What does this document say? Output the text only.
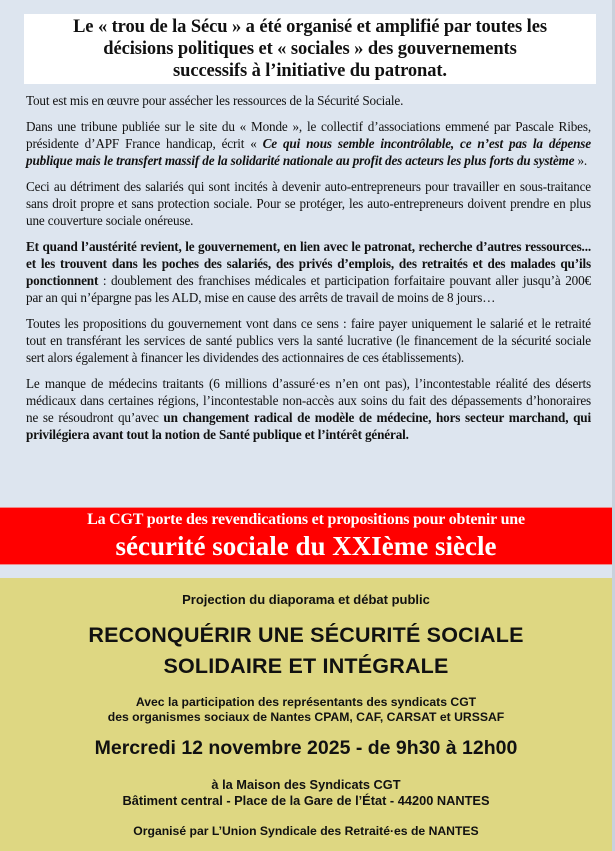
Le « trou de la Sécu » a été organisé et amplifié par toutes les
décisions politiques et « sociales » des gouvernements
successifs à l’initiative du patronat.

Tout est mis en œuvre pour assécher les ressources de la Sécurité Sociale.

Dans une tribune publiée sur le site du « Monde », le collectif d’associations emmené par Pascale Ribes, présidente d’APF France handicap, écrit « Ce qui nous semble incontrôlable, ce n’est pas la dépense publique mais le transfert massif de la solidarité nationale au profit des acteurs les plus forts du système ».

Ceci au détriment des salariés qui sont incités à devenir auto-entrepreneurs pour travailler en sous-traitance sans droit propre et sans protection sociale. Pour se protéger, les auto-entrepreneurs doivent prendre en plus une couverture sociale onéreuse.

Et quand l’austérité revient, le gouvernement, en lien avec le patronat, recherche d’autres ressources... et les trouvent dans les poches des salariés, des privés d’emplois, des retraités et des malades qu’ils ponctionnent : doublement des franchises médicales et participation forfaitaire pouvant aller jusqu’à 200€ par an qui n’épargne pas les ALD, mise en cause des arrêts de travail de moins de 8 jours…

Toutes les propositions du gouvernement vont dans ce sens : faire payer uniquement le salarié et le retraité tout en transférant les services de santé publics vers la santé lucrative (le financement de la sécurité sociale sert alors également à financer les dividendes des actionnaires de ces établissements).

Le manque de médecins traitants (6 millions d’assuré·es n’en ont pas), l’incontestable réalité des déserts médicaux dans certaines régions, l’incontestable non-accès aux soins du fait des dépassements d’honoraires ne se résoudront qu’avec un changement radical de modèle de médecine, hors secteur marchand, qui privilégiera avant tout la notion de Santé publique et l’intérêt général.

La CGT porte des revendications et propositions pour obtenir une
sécurité sociale du XXIème siècle
Projection du diaporama et débat public
RECONQUÉRIR UNE SÉCURITÉ SOCIALE
SOLIDAIRE ET INTÉGRALE
Avec la participation des représentants des syndicats CGT
des organismes sociaux de Nantes CPAM, CAF, CARSAT et URSSAF
Mercredi 12 novembre 2025 - de 9h30 à 12h00
à la Maison des Syndicats CGT
Bâtiment central - Place de la Gare de l’État - 44200 NANTES
Organisé par L’Union Syndicale des Retraité·es de NANTES
